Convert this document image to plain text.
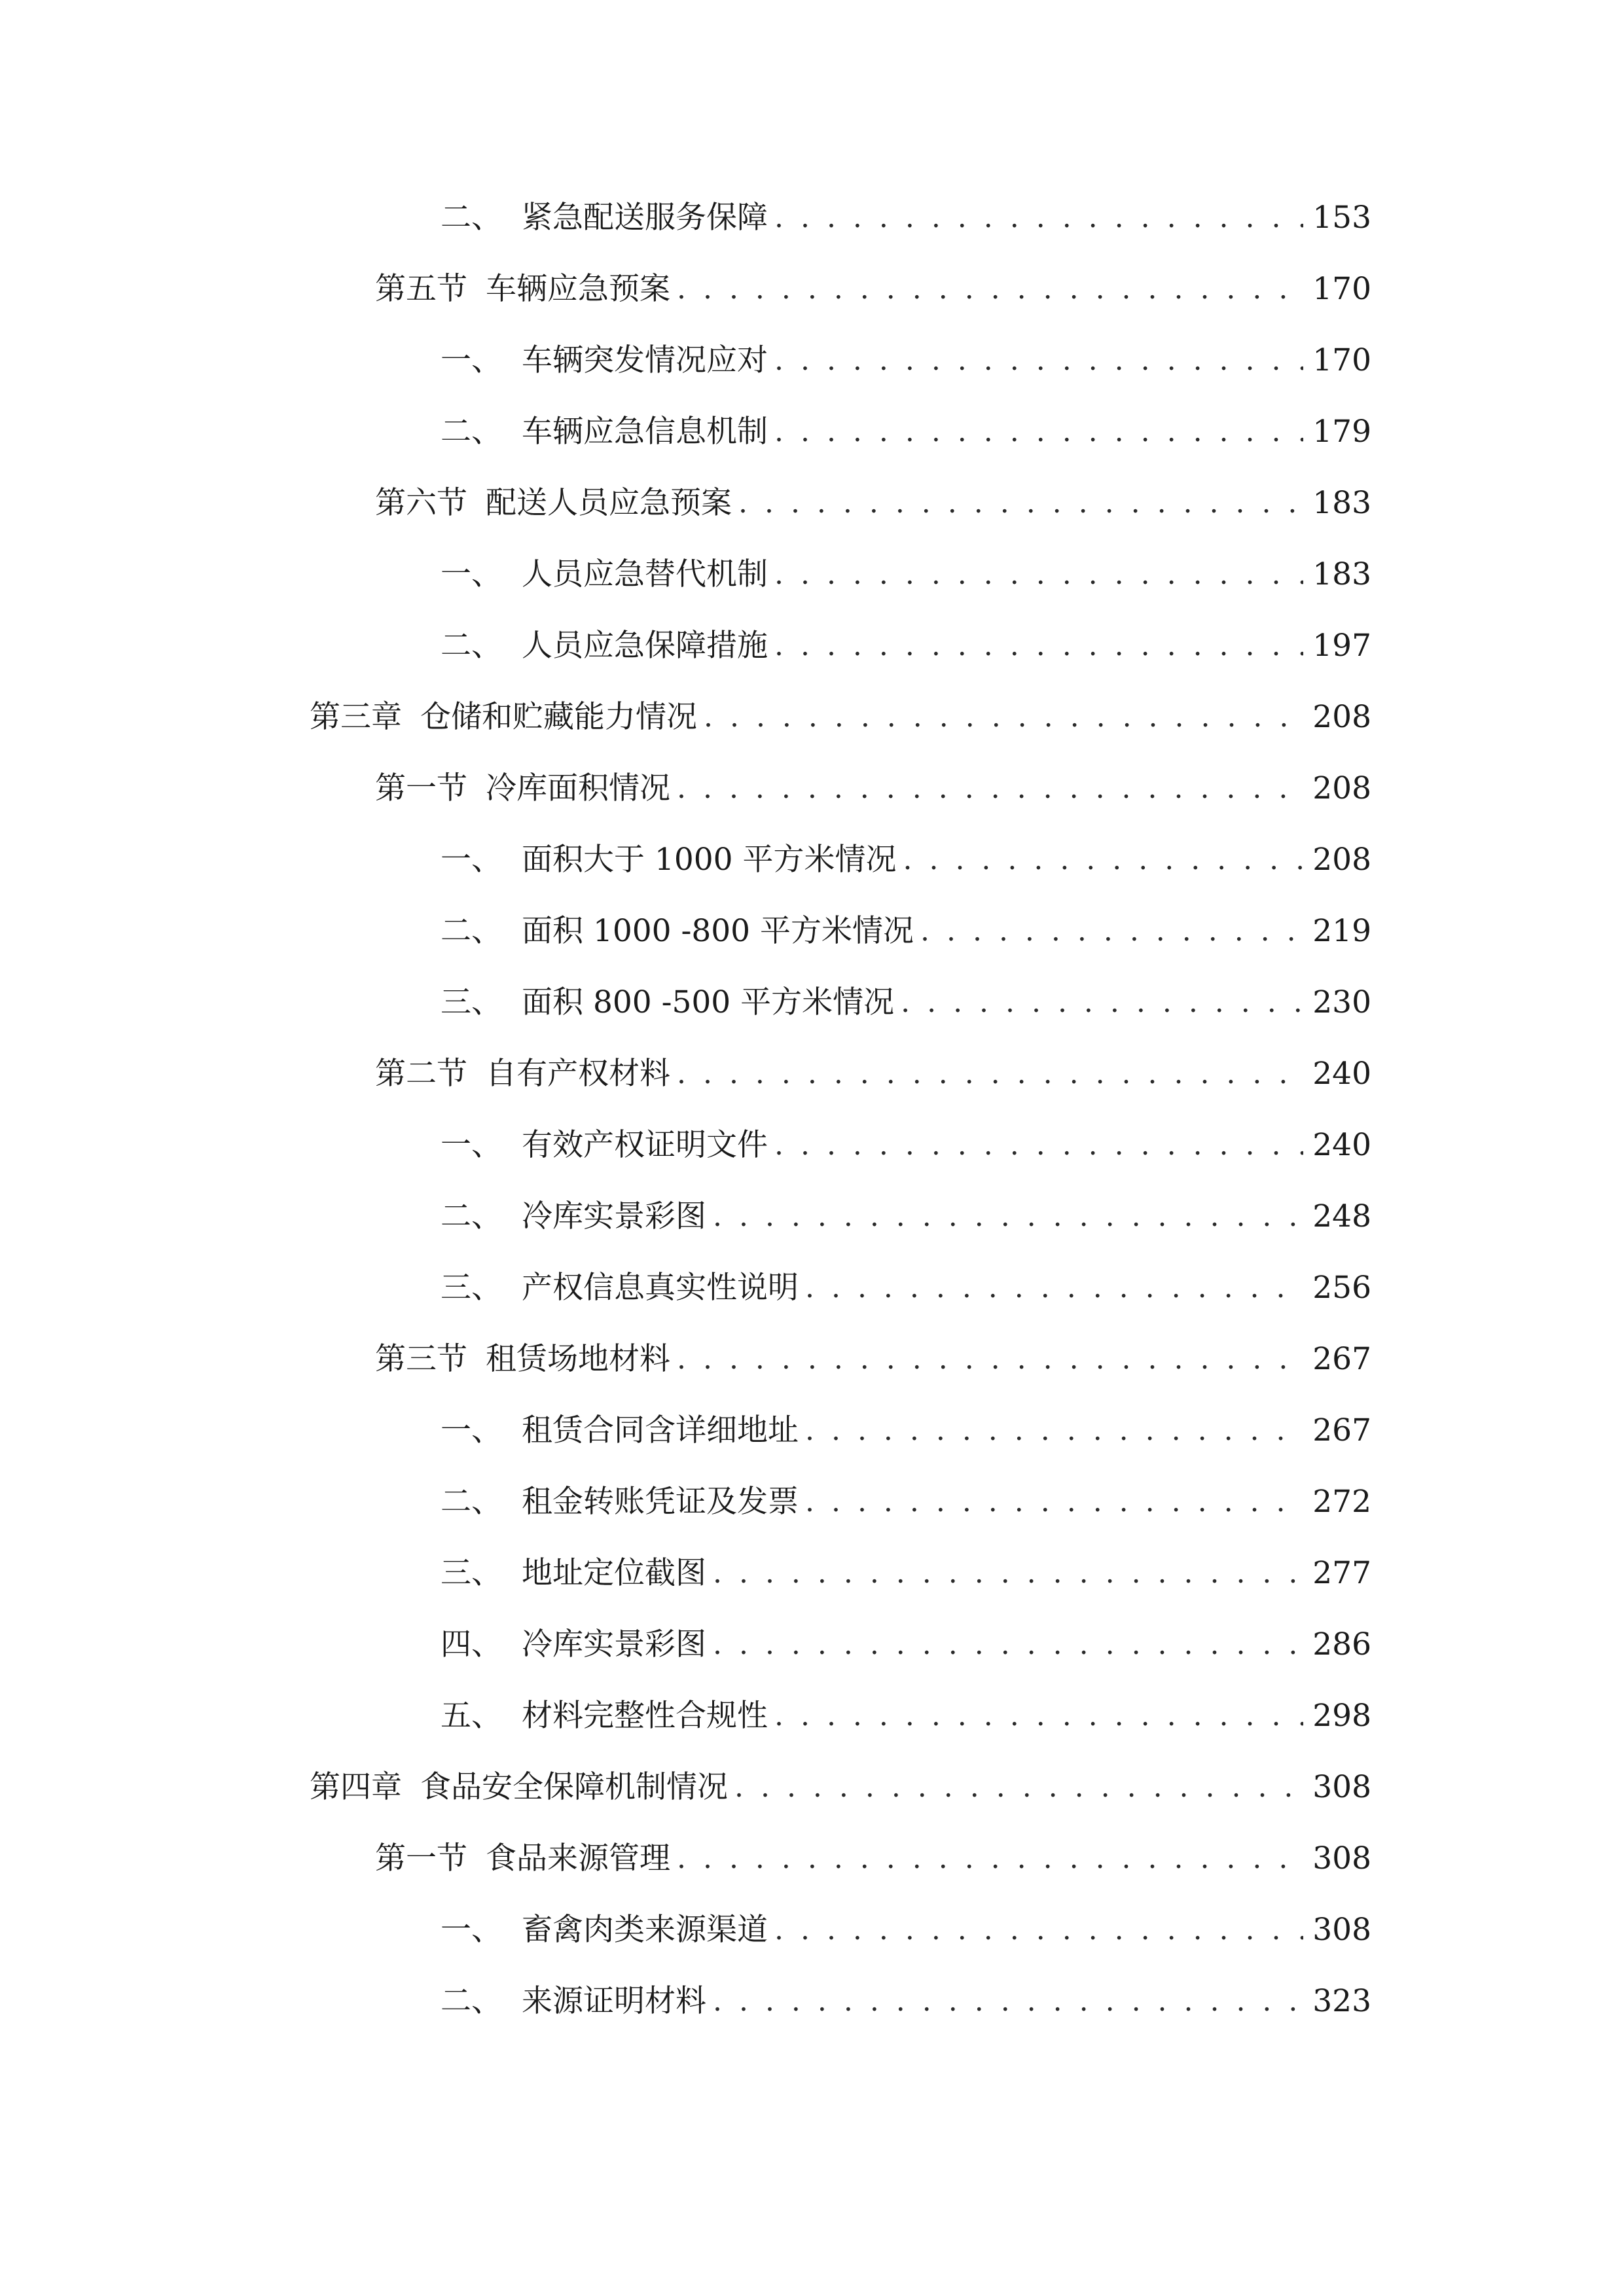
二、 紧急配送服务保障 . . .	153
第五节 车辆应急预案 . . .	170
一、 车辆突发情况应对 . . .	170
二、 车辆应急信息机制 . . .	179
第六节 配送人员应急预案 . . .	183
一、 人员应急替代机制 . . .	183
二、 人员应急保障措施 . . .	197
第三章 仓储和贮藏能力情况 . . .	208
第一节 冷库面积情况 . . .	208
一、 面积大于 1000 平方米情况 . . .	208
二、 面积 1000 -800 平方米情况 . . .	219
三、 面积 800 -500 平方米情况 . . .	230
第二节 自有产权材料 . . .	240
一、 有效产权证明文件 . . .	240
二、 冷库实景彩图 . . .	248
三、 产权信息真实性说明 . . .	256
第三节 租赁场地材料 . . .	267
一、 租赁合同含详细地址 . . .	267
二、 租金转账凭证及发票 . . .	272
三、 地址定位截图 . . .	277
四、 冷库实景彩图 . . .	286
五、 材料完整性合规性 . . .	298
第四章 食品安全保障机制情况 . . .	308
第一节 食品来源管理 . . .	308
一、 畜禽肉类来源渠道 . . .	308
二、 来源证明材料 . . .	323
